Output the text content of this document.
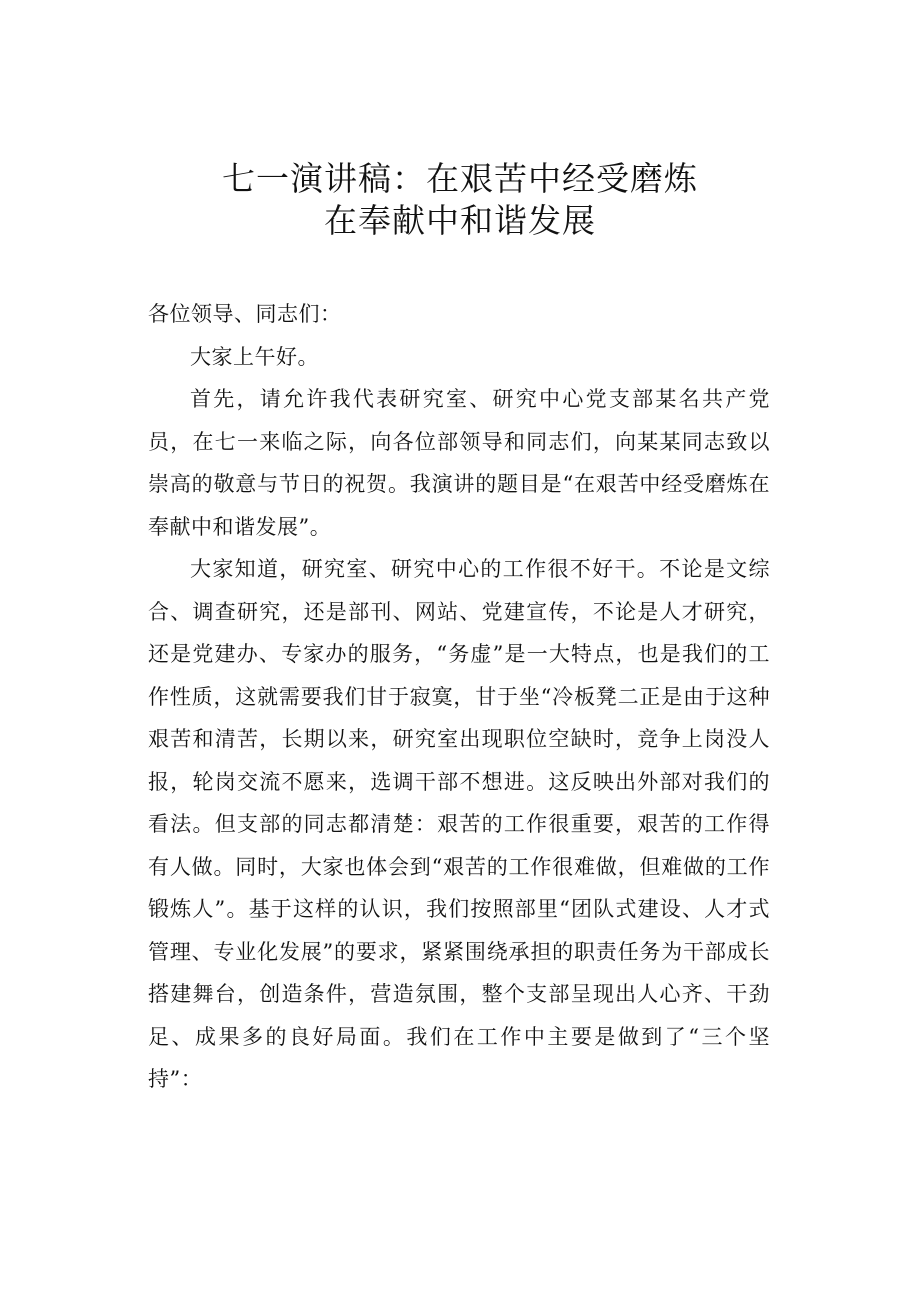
七一演讲稿：在艰苦中经受磨炼
在奉献中和谐发展

各位领导、同志们：

大家上午好。

首先，请允许我代表研究室、研究中心党支部某名共产党员，在七一来临之际，向各位部领导和同志们，向某某同志致以崇高的敬意与节日的祝贺。我演讲的题目是“在艰苦中经受磨炼在奉献中和谐发展”。

大家知道，研究室、研究中心的工作很不好干。不论是文综合、调查研究，还是部刊、网站、党建宣传，不论是人才研究，还是党建办、专家办的服务，“务虚”是一大特点，也是我们的工作性质，这就需要我们甘于寂寞，甘于坐“冷板凳二正是由于这种艰苦和清苦，长期以来，研究室出现职位空缺时，竞争上岗没人报，轮岗交流不愿来，选调干部不想进。这反映出外部对我们的看法。但支部的同志都清楚：艰苦的工作很重要，艰苦的工作得有人做。同时，大家也体会到“艰苦的工作很难做，但难做的工作锻炼人”。基于这样的认识，我们按照部里“团队式建设、人才式管理、专业化发展”的要求，紧紧围绕承担的职责任务为干部成长搭建舞台，创造条件，营造氛围，整个支部呈现出人心齐、干劲足、成果多的良好局面。我们在工作中主要是做到了“三个坚持”：
